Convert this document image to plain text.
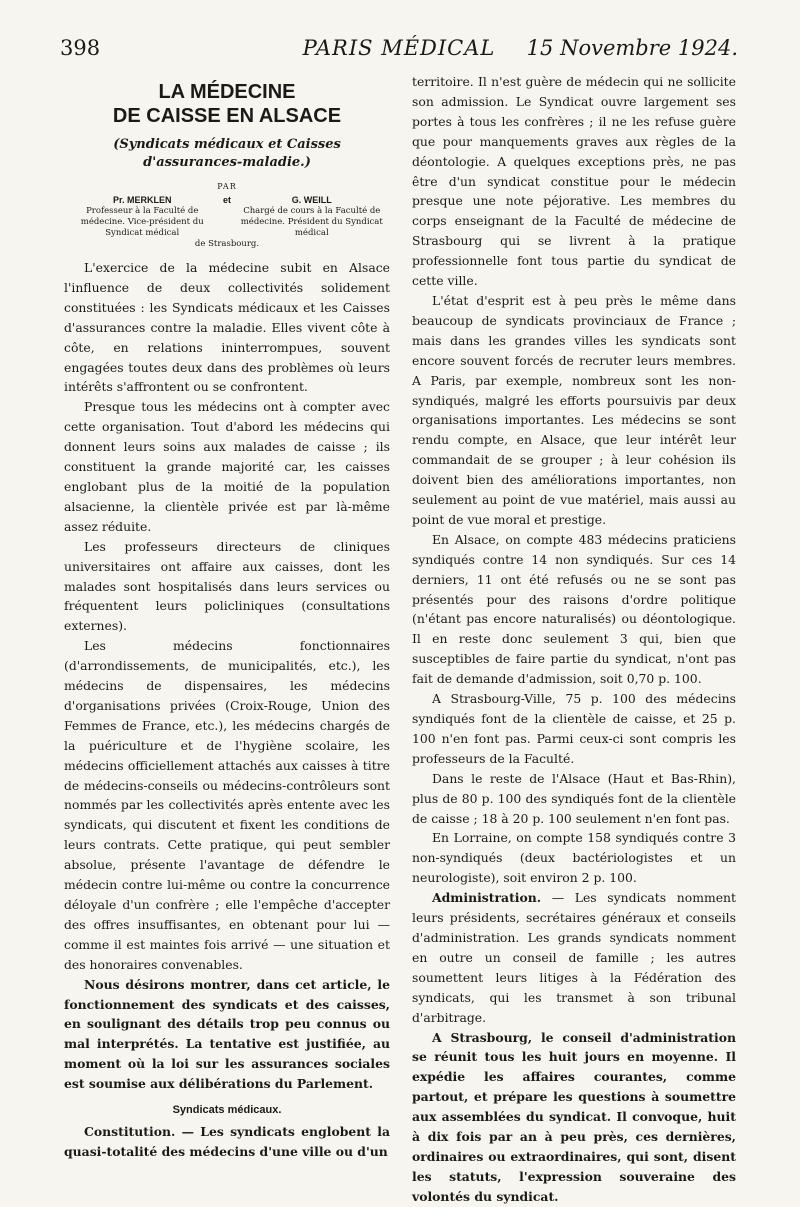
398	PARIS MÉDICAL	15 Novembre 1924.
LA MÉDECINE
DE CAISSE EN ALSACE
(Syndicats médicaux et Caisses d'assurances-maladie.)
PAR
Pr. MERKLEN
Professeur à la Faculté de médecine. Vice-président du Syndicat médical
et	G. WEILL
Chargé de cours à la Faculté de médecine. Président du Syndicat médical
de Strasbourg.

L'exercice de la médecine subit en Alsace l'influence de deux collectivités solidement constituées : les Syndicats médicaux et les Caisses d'assurances contre la maladie. Elles vivent côte à côte, en relations ininterrompues, souvent engagées toutes deux dans des problèmes où leurs intérêts s'affrontent ou se confrontent.

Presque tous les médecins ont à compter avec cette organisation. Tout d'abord les médecins qui donnent leurs soins aux malades de caisse ; ils constituent la grande majorité car, les caisses englobant plus de la moitié de la population alsacienne, la clientèle privée est par là-même assez réduite.

Les professeurs directeurs de cliniques universitaires ont affaire aux caisses, dont les malades sont hospitalisés dans leurs services ou fréquentent leurs policliniques (consultations externes).

Les médecins fonctionnaires (d'arrondissements, de municipalités, etc.), les médecins de dispensaires, les médecins d'organisations privées (Croix-Rouge, Union des Femmes de France, etc.), les médecins chargés de la puériculture et de l'hygiène scolaire, les médecins officiellement attachés aux caisses à titre de médecins-conseils ou médecins-contrôleurs sont nommés par les collectivités après entente avec les syndicats, qui discutent et fixent les conditions de leurs contrats. Cette pratique, qui peut sembler absolue, présente l'avantage de défendre le médecin contre lui-même ou contre la concurrence déloyale d'un confrère ; elle l'empêche d'accepter des offres insuffisantes, en obtenant pour lui — comme il est maintes fois arrivé — une situation et des honoraires convenables.

Nous désirons montrer, dans cet article, le fonctionnement des syndicats et des caisses, en soulignant des détails trop peu connus ou mal interprétés. La tentative est justifiée, au moment où la loi sur les assurances sociales est soumise aux délibérations du Parlement.

Syndicats médicaux.

Constitution. — Les syndicats englobent la quasi-totalité des médecins d'une ville ou d'un

territoire. Il n'est guère de médecin qui ne sollicite son admission. Le Syndicat ouvre largement ses portes à tous les confrères ; il ne les refuse guère que pour manquements graves aux règles de la déontologie. A quelques exceptions près, ne pas être d'un syndicat constitue pour le médecin presque une note péjorative. Les membres du corps enseignant de la Faculté de médecine de Strasbourg qui se livrent à la pratique professionnelle font tous partie du syndicat de cette ville.

L'état d'esprit est à peu près le même dans beaucoup de syndicats provinciaux de France ; mais dans les grandes villes les syndicats sont encore souvent forcés de recruter leurs membres. A Paris, par exemple, nombreux sont les non-syndiqués, malgré les efforts poursuivis par deux organisations importantes. Les médecins se sont rendu compte, en Alsace, que leur intérêt leur commandait de se grouper ; à leur cohésion ils doivent bien des améliorations importantes, non seulement au point de vue matériel, mais aussi au point de vue moral et prestige.

En Alsace, on compte 483 médecins praticiens syndiqués contre 14 non syndiqués. Sur ces 14 derniers, 11 ont été refusés ou ne se sont pas présentés pour des raisons d'ordre politique (n'étant pas encore naturalisés) ou déontologique. Il en reste donc seulement 3 qui, bien que susceptibles de faire partie du syndicat, n'ont pas fait de demande d'admission, soit 0,70 p. 100.

A Strasbourg-Ville, 75 p. 100 des médecins syndiqués font de la clientèle de caisse, et 25 p. 100 n'en font pas. Parmi ceux-ci sont compris les professeurs de la Faculté.

Dans le reste de l'Alsace (Haut et Bas-Rhin), plus de 80 p. 100 des syndiqués font de la clientèle de caisse ; 18 à 20 p. 100 seulement n'en font pas.

En Lorraine, on compte 158 syndiqués contre 3 non-syndiqués (deux bactériologistes et un neurologiste), soit environ 2 p. 100.

Administration. — Les syndicats nomment leurs présidents, secrétaires généraux et conseils d'administration. Les grands syndicats nomment en outre un conseil de famille ; les autres soumettent leurs litiges à la Fédération des syndicats, qui les transmet à son tribunal d'arbitrage.

A Strasbourg, le conseil d'administration se réunit tous les huit jours en moyenne. Il expédie les affaires courantes, comme partout, et prépare les questions à soumettre aux assemblées du syndicat. Il convoque, huit à dix fois par an à peu près, ces dernières, ordinaires ou extraordinaires, qui sont, disent les statuts, l'expression souveraine des volontés du syndicat.
